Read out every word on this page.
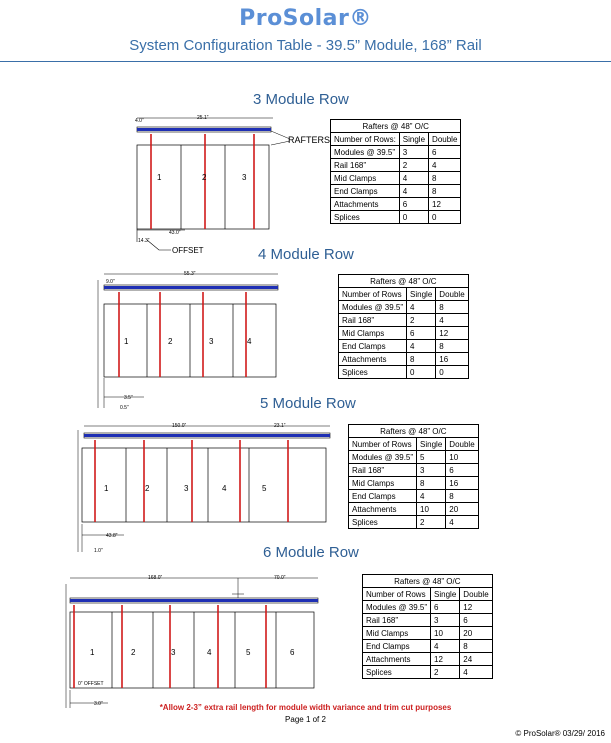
ProSolar®
System Configuration Table - 39.5” Module, 168” Rail
3 Module Row
25.1”
4.0”
1	2	3
43.0”
14.3”
OFFSET
RAFTERS
Rafters @ 48” O/C		
Number of Rows:	Single	Double
Modules @ 39.5”	3	6
Rail 168”	2	4
Mid Clamps	4	8
End Clamps	4	8
Attachments	6	12
Splices	0	0
4 Module Row
55.3”
9.0”
1	2	3	4
3.5”
0.5”
Rafters @ 48” O/C		
Number of Rows	Single	Double
Modules @ 39.5”	4	8
Rail 168”	2	4
Mid Clamps	6	12
End Clamps	4	8
Attachments	8	16
Splices	0	0
5 Module Row
150.0”	23.1”
1	2	3	4	5
43.8”
1.0”
Rafters @ 48” O/C		
Number of Rows	Single	Double
Modules @ 39.5”	5	10
Rail 168”	3	6
Mid Clamps	8	16
End Clamps	4	8
Attachments	10	20
Splices	2	4
6 Module Row
168.0”	70.0”
1	2	3	4	5	6
0” OFFSET
3.0”
Rafters @ 48” O/C		
Number of Rows	Single	Double
Modules @ 39.5”	6	12
Rail 168”	3	6
Mid Clamps	10	20
End Clamps	4	8
Attachments	12	24
Splices	2	4
*Allow 2-3” extra rail length for module width variance and trim cut purposes
Page 1 of 2
© ProSolar® 03/29/ 2016
